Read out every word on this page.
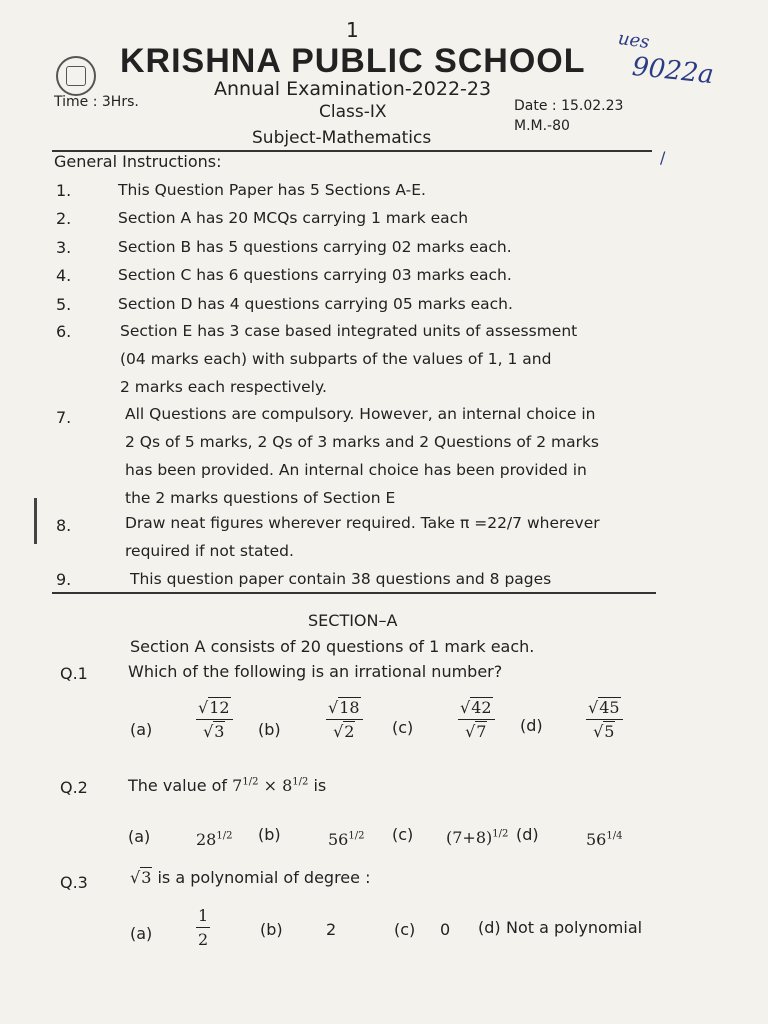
1
KRISHNA PUBLIC SCHOOL
Annual Examination-2022-23
Time : 3Hrs.	Class-IX	Date : 15.02.23
M.M.-80
Subject-Mathematics
ues
9022a
/
General Instructions:
1.	This Question Paper has 5 Sections A-E.
2.	Section A has 20 MCQs carrying 1 mark each
3.	Section B has 5 questions carrying 02 marks each.
4.	Section C has 6 questions carrying 03 marks each.
5.	Section D has 4 questions carrying 05 marks each.
6.	Section E has 3 case based integrated units of assessment
(04 marks each) with subparts of the values of 1, 1 and
2 marks each respectively.
7.	All Questions are compulsory. However, an internal choice in
2 Qs of 5 marks, 2 Qs of 3 marks and 2 Questions of 2 marks
has been provided. An internal choice has been provided in
the 2 marks questions of Section E
8.	Draw neat figures wherever required. Take π =22/7 wherever
required if not stated.
9.	This question paper contain 38 questions and 8 pages
SECTION–A
Section A consists of 20 questions of 1 mark each.
Q.1	Which of the following is an irrational number?
(a)
√12
√3 (b)
√18
√2 (c)
√42
√7 (d)
√45
√5
Q.2	The value of $7^{1/2} \times 8^{1/2}$ is
(a)	$28^{1/2}$ (b)	$56^{1/2}$ (c) $(7+8)^{1/2}$ (d)	$56^{1/4}$
Q.3	√3 is a polynomial of degree :
(a)
1
2
(b)	2	(c) 0 (d) Not a polynomial
